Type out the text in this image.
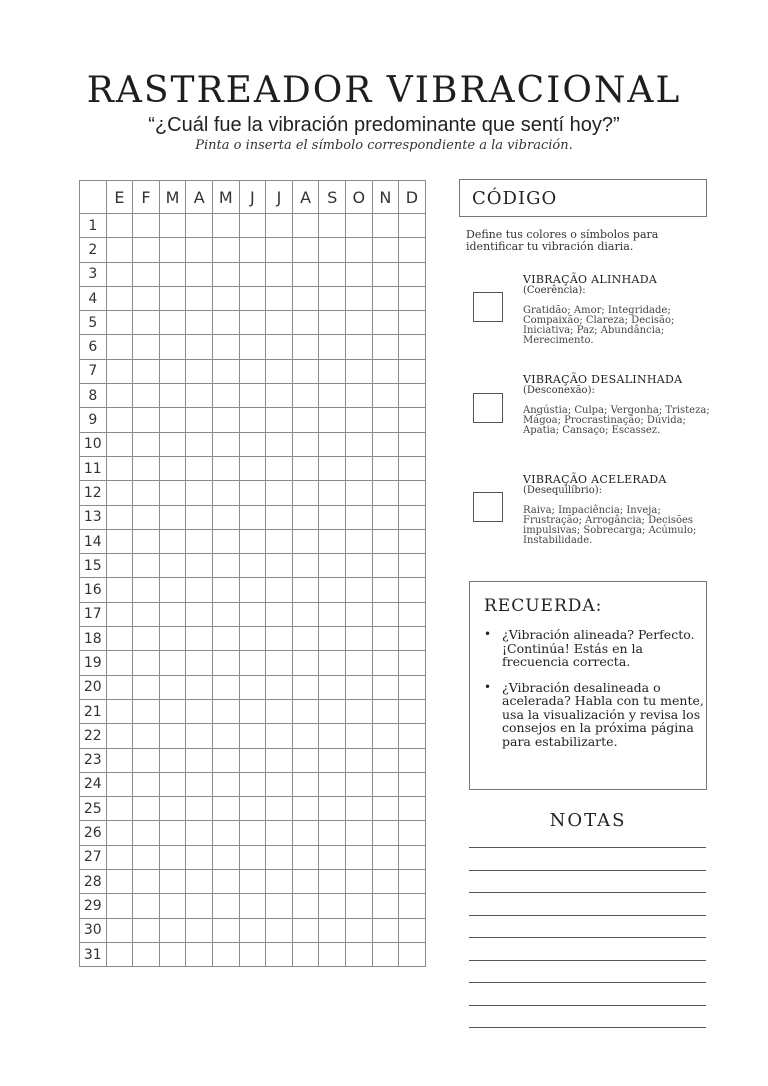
RASTREADOR VIBRACIONAL
“¿Cuál fue la vibración predominante que sentí hoy?”
Pinta o inserta el símbolo correspondiente a la vibración.
	E	F	M	A	M	J	J	A	S	O	N	D
1												
2												
3												
4												
5												
6												
7												
8												
9												
10												
11												
12												
13												
14												
15												
16												
17												
18												
19												
20												
21												
22												
23												
24												
25												
26												
27												
28												
29												
30												
31												
CÓDIGO
Define tus colores o símbolos para identificar tu vibración diaria.
VIBRAÇÃO ALINHADA
(Coerência):
Gratidão; Amor; Integridade; Compaixão; Clareza; Decisão; Iniciativa; Paz; Abundância; Merecimento.
VIBRAÇÃO DESALINHADA
(Desconexão):
Angústia; Culpa; Vergonha; Tristeza; Mágoa; Procrastinação; Dúvida; Apatia; Cansaço; Escassez.
VIBRAÇÃO ACELERADA
(Desequilíbrio):
Raiva; Impaciência; Inveja; Frustração; Arrogância; Decisões impulsivas; Sobrecarga; Acúmulo; Instabilidade.
RECUERDA:
• ¿Vibración alineada? Perfecto. ¡Continúa! Estás en la frecuencia correcta.
• ¿Vibración desalineada o acelerada? Habla con tu mente, usa la visualización y revisa los consejos en la próxima página para estabilizarte.
NOTAS
